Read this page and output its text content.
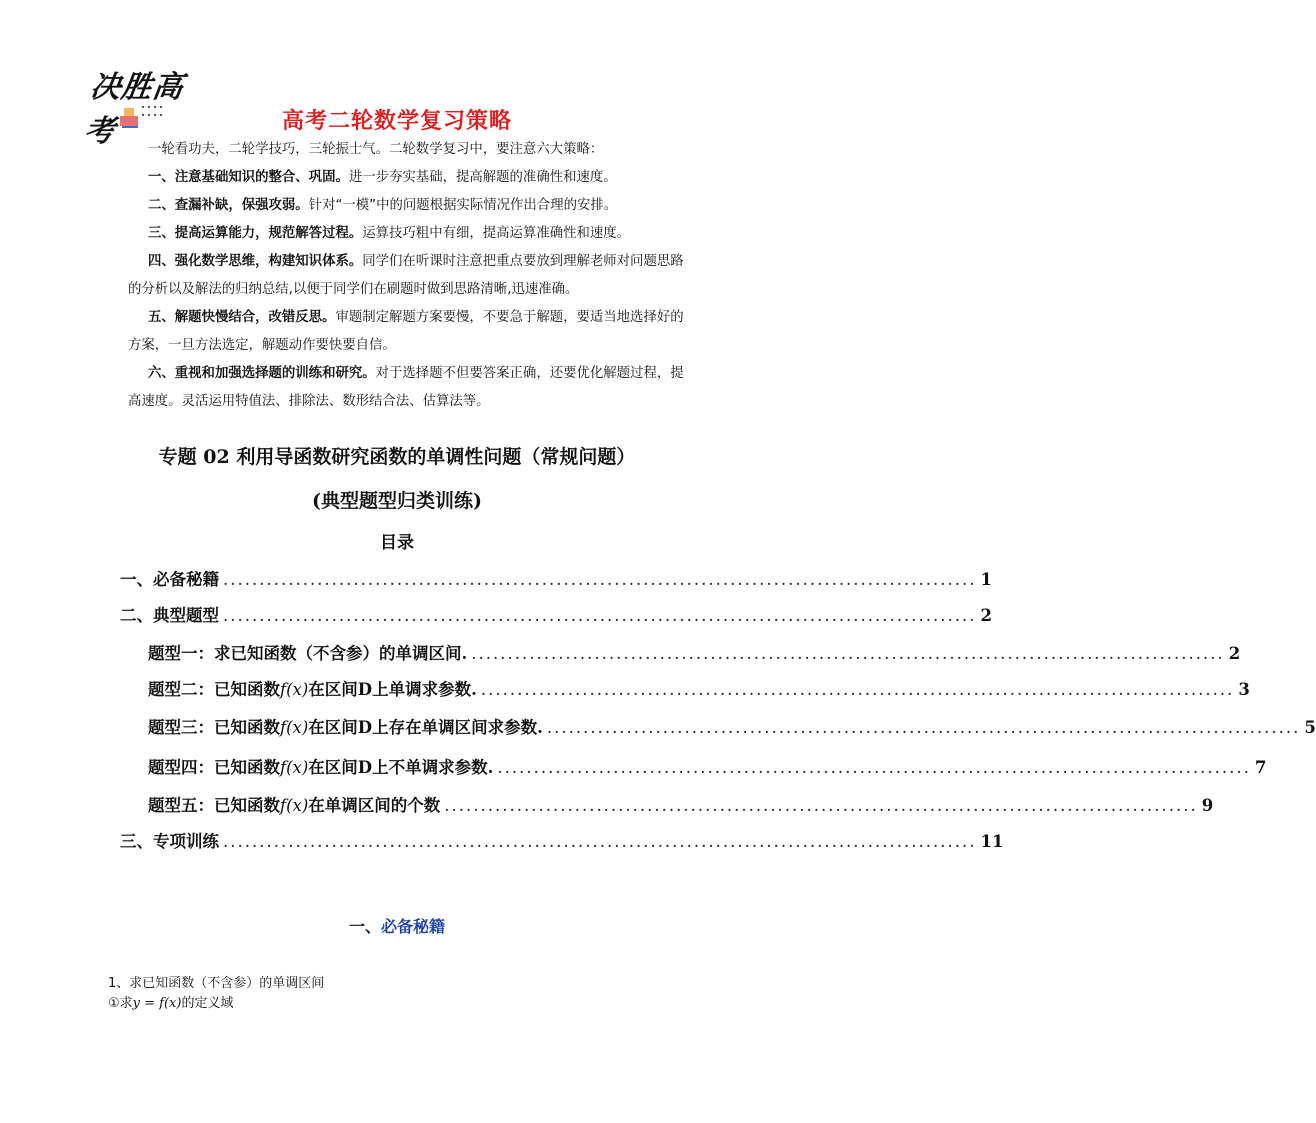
决胜高考	高考二轮数学复习策略

一轮看功夫，二轮学技巧，三轮振士气。二轮数学复习中，要注意六大策略：

一、注意基础知识的整合、巩固。进一步夯实基础，提高解题的准确性和速度。

二、查漏补缺，保强攻弱。针对“一模”中的问题根据实际情况作出合理的安排。

三、提高运算能力，规范解答过程。运算技巧粗中有细，提高运算准确性和速度。

四、强化数学思维，构建知识体系。同学们在听课时注意把重点要放到理解老师对问题思路的分析以及解法的归纳总结,以便于同学们在刷题时做到思路清晰,迅速准确。

五、解题快慢结合，改错反思。审题制定解题方案要慢，不要急于解题，要适当地选择好的方案，一旦方法选定，解题动作要快要自信。

六、重视和加强选择题的训练和研究。对于选择题不但要答案正确，还要优化解题过程，提高速度。灵活运用特值法、排除法、数形结合法、估算法等。

专题 02 利用导函数研究函数的单调性问题（常规问题）
(典型题型归类训练)
目录
一、必备秘籍 ........................................................................................................ 1
二、典型题型 ........................................................................................................ 2
题型一：求已知函数（不含参）的单调区间. ........................................................................................................ 2
题型二：已知函数f(x)在区间D上单调求参数. ........................................................................................................ 3
题型三：已知函数f(x)在区间D上存在单调区间求参数. ........................................................................................................ 5
题型四：已知函数f(x)在区间D上不单调求参数. ........................................................................................................ 7
题型五：已知函数f(x)在单调区间的个数 ........................................................................................................ 9
三、专项训练 ........................................................................................................ 11
一、必备秘籍
1、求已知函数（不含参）的单调区间
①求y = f(x)的定义域
